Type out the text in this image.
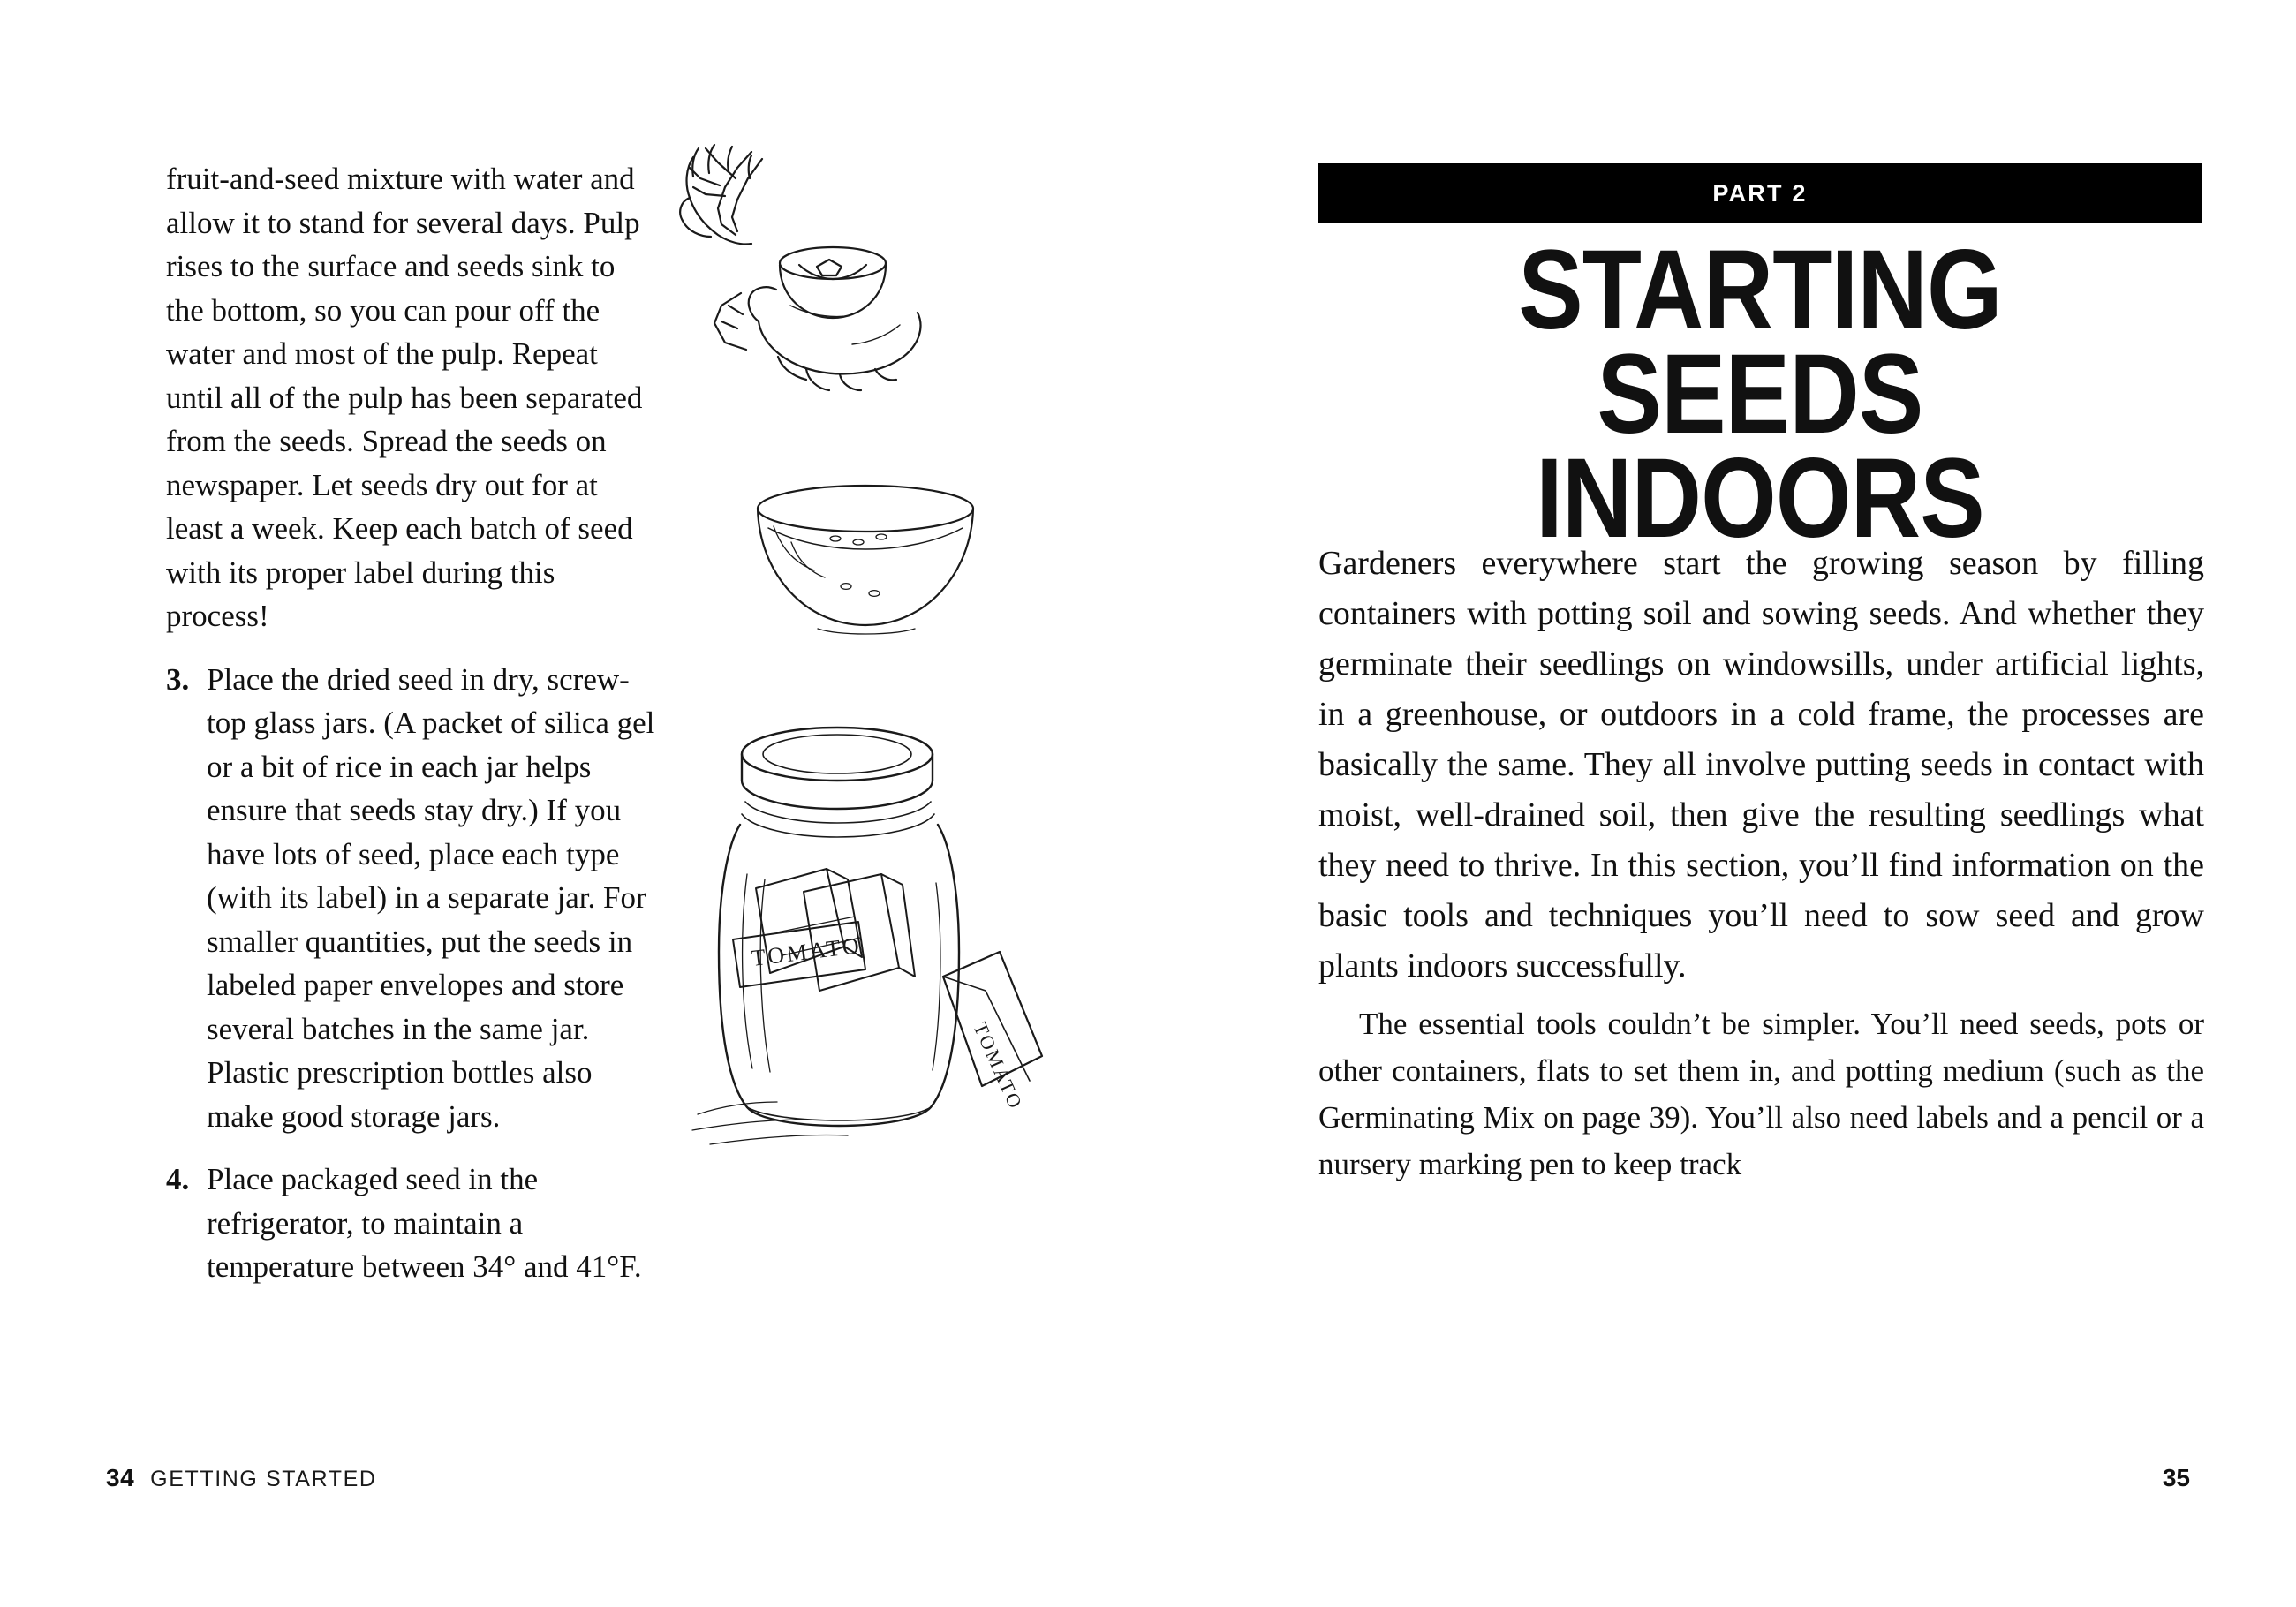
fruit-and-seed mixture with water and allow it to stand for several days. Pulp rises to the surface and seeds sink to the bottom, so you can pour off the water and most of the pulp. Repeat until all of the pulp has been separated from the seeds. Spread the seeds on newspaper. Let seeds dry out for at least a week. Keep each batch of seed with its proper label during this process!

3. Place the dried seed in dry, screw-top glass jars. (A packet of silica gel or a bit of rice in each jar helps ensure that seeds stay dry.) If you have lots of seed, place each type (with its label) in a separate jar. For smaller quantities, put the seeds in labeled paper envelopes and store several batches in the same jar. Plastic prescription bottles also make good storage jars.
4. Place packaged seed in the refrigerator, to maintain a temperature between 34° and 41°F.
TOMATO
TOMATO
34 GETTING STARTED
PART 2
STARTING SEEDS
INDOORS

Gardeners everywhere start the growing season by filling containers with potting soil and sowing seeds. And whether they germinate their seedlings on windowsills, under artificial lights, in a greenhouse, or outdoors in a cold frame, the processes are basically the same. They all involve putting seeds in contact with moist, well-drained soil, then give the resulting seedlings what they need to thrive. In this section, you’ll find information on the basic tools and techniques you’ll need to sow seed and grow plants indoors successfully.

The essential tools couldn’t be simpler. You’ll need seeds, pots or other containers, flats to set them in, and potting medium (such as the Germinating Mix on page 39). You’ll also need labels and a pencil or a nursery marking pen to keep track

35
